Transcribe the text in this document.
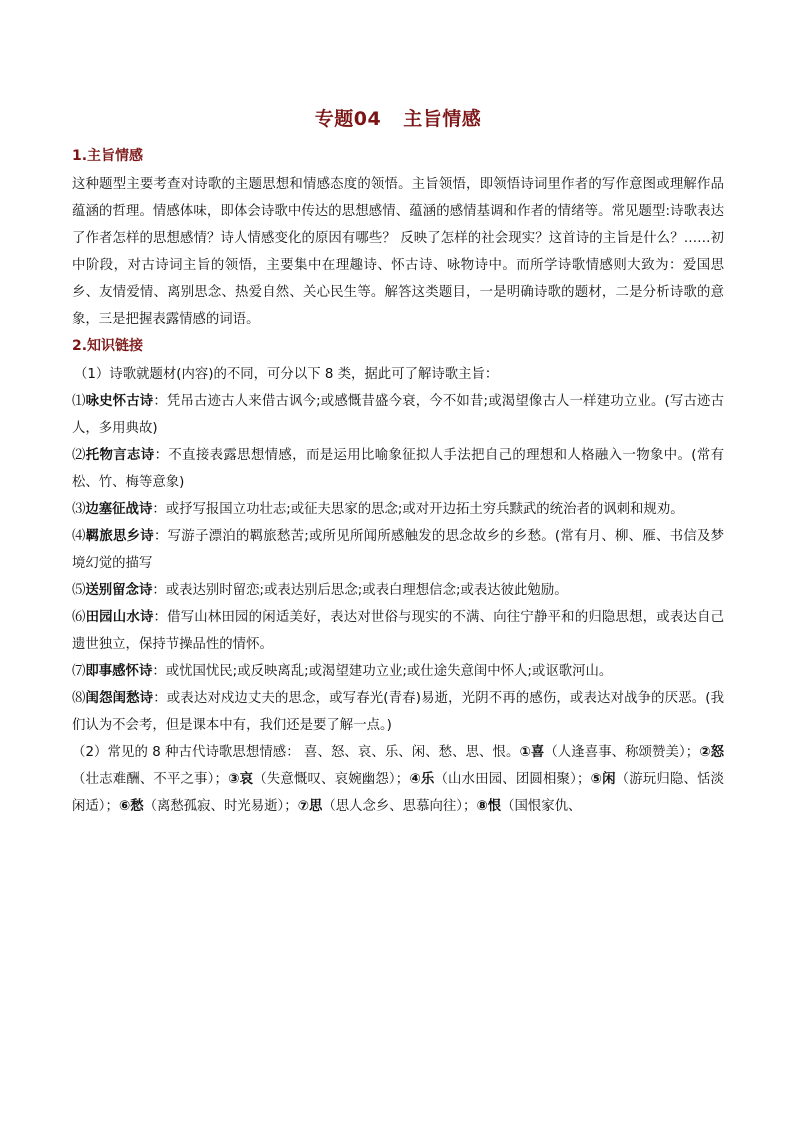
专题04 主旨情感
1.主旨情感

这种题型主要考查对诗歌的主题思想和情感态度的领悟。主旨领悟，即领悟诗词里作者的写作意图或理解作品蕴涵的哲理。情感体味，即体会诗歌中传达的思想感情、蕴涵的感情基调和作者的情绪等。常见题型:诗歌表达了作者怎样的思想感情？诗人情感变化的原因有哪些？ 反映了怎样的社会现实？这首诗的主旨是什么？……初中阶段，对古诗词主旨的领悟，主要集中在理趣诗、怀古诗、咏物诗中。而所学诗歌情感则大致为：爱国思乡、友情爱情、离别思念、热爱自然、关心民生等。解答这类题目，一是明确诗歌的题材，二是分析诗歌的意象，三是把握表露情感的词语。

2.知识链接

（1）诗歌就题材(内容)的不同，可分以下 8 类，据此可了解诗歌主旨：

⑴咏史怀古诗：凭吊古迹古人来借古讽今;或感慨昔盛今衰，今不如昔;或渴望像古人一样建功立业。(写古迹古人，多用典故)

⑵托物言志诗：不直接表露思想情感，而是运用比喻象征拟人手法把自己的理想和人格融入一物象中。(常有松、竹、梅等意象)

⑶边塞征战诗：或抒写报国立功壮志;或征夫思家的思念;或对开边拓土穷兵黩武的统治者的讽刺和规劝。

⑷羁旅思乡诗：写游子漂泊的羁旅愁苦;或所见所闻所感触发的思念故乡的乡愁。(常有月、柳、雁、书信及梦境幻觉的描写

⑸送别留念诗：或表达别时留恋;或表达别后思念;或表白理想信念;或表达彼此勉励。

⑹田园山水诗：借写山林田园的闲适美好，表达对世俗与现实的不满、向往宁静平和的归隐思想，或表达自己遗世独立，保持节操品性的情怀。

⑺即事感怀诗：或忧国忧民;或反映离乱;或渴望建功立业;或仕途失意闺中怀人;或讴歌河山。

⑻闺怨闺愁诗：或表达对戍边丈夫的思念，或写春光(青春)易逝，光阴不再的感伤，或表达对战争的厌恶。(我们认为不会考，但是课本中有，我们还是要了解一点。)

（2）常见的 8 种古代诗歌思想情感： 喜、怒、哀、乐、闲、愁、思、恨。①喜（人逢喜事、称颂赞美）；②怒（壮志难酬、不平之事）；③哀（失意慨叹、哀婉幽怨）；④乐（山水田园、团圆相聚）；⑤闲（游玩归隐、恬淡闲适）；⑥愁（离愁孤寂、时光易逝）；⑦思（思人念乡、思慕向往）；⑧恨（国恨家仇、
